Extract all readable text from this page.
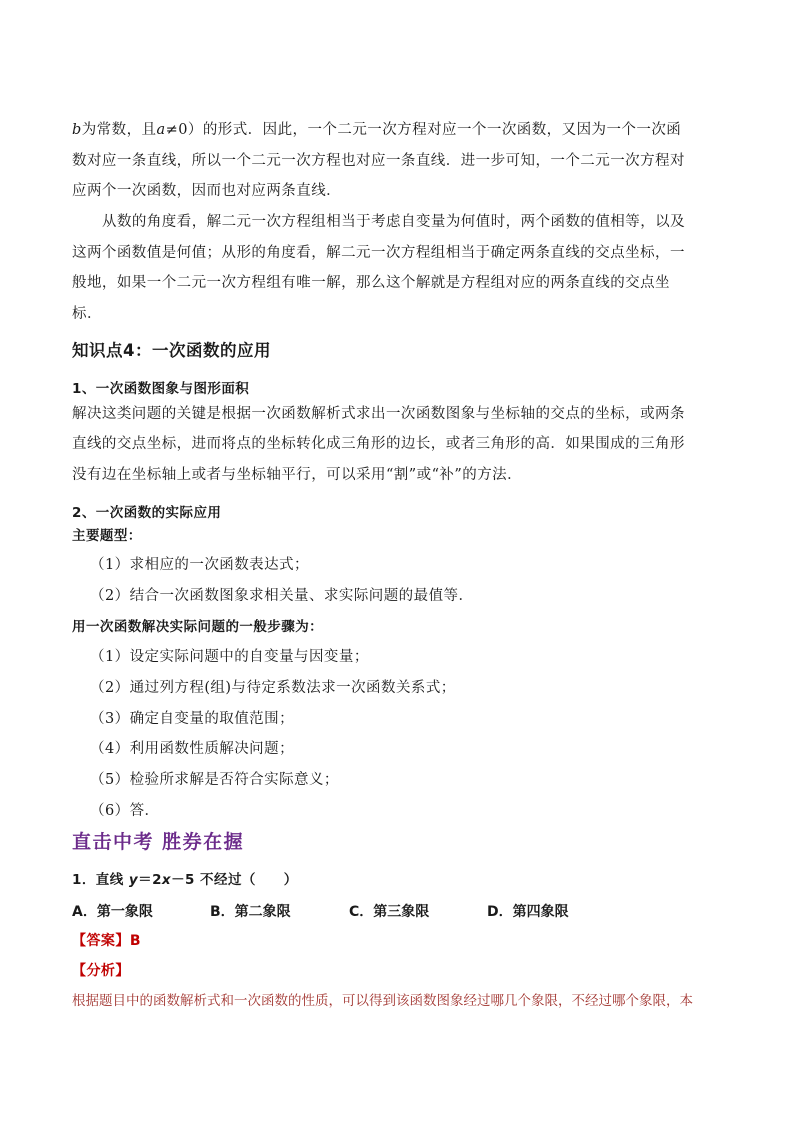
b为常数，且a≠0）的形式．因此，一个二元一次方程对应一个一次函数，又因为一个一次函
数对应一条直线，所以一个二元一次方程也对应一条直线．进一步可知，一个二元一次方程对
应两个一次函数，因而也对应两条直线．
从数的角度看，解二元一次方程组相当于考虑自变量为何值时，两个函数的值相等，以及
这两个函数值是何值；从形的角度看，解二元一次方程组相当于确定两条直线的交点坐标，一
般地，如果一个二元一次方程组有唯一解，那么这个解就是方程组对应的两条直线的交点坐
标．
知识点4：一次函数的应用
1、一次函数图象与图形面积
解决这类问题的关键是根据一次函数解析式求出一次函数图象与坐标轴的交点的坐标，或两条
直线的交点坐标，进而将点的坐标转化成三角形的边长，或者三角形的高．如果围成的三角形
没有边在坐标轴上或者与坐标轴平行，可以采用“割”或“补”的方法．
2、一次函数的实际应用
主要题型：
（1）求相应的一次函数表达式；
（2）结合一次函数图象求相关量、求实际问题的最值等．
用一次函数解决实际问题的一般步骤为：
（1）设定实际问题中的自变量与因变量；
（2）通过列方程(组)与待定系数法求一次函数关系式；
（3）确定自变量的取值范围；
（4）利用函数性质解决问题；
（5）检验所求解是否符合实际意义；
（6）答．
直击中考 胜券在握
1．直线 y＝2x－5 不经过（　　）
A．第一象限	B．第二象限	C．第三象限	D．第四象限
【答案】B
【分析】
根据题目中的函数解析式和一次函数的性质，可以得到该函数图象经过哪几个象限，不经过哪个象限，本
